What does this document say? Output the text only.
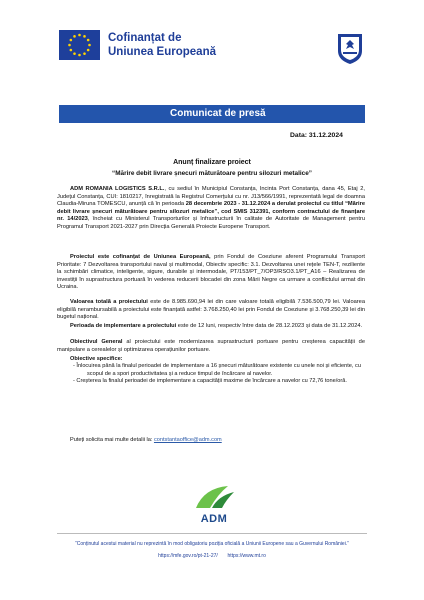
Cofinanțat de
Uniunea Europeană
Comunicat de presă
Data: 31.12.2024
Anunț finalizare proiect
“Mărire debit livrare șnecuri măturătoare pentru silozuri metalice”
ADM ROMANIA LOGISTICS S.R.L., cu sediul în Municipiul Constanța, Incinta Port Constanța, dana 45, Etaj 2, Județul Constanța, CUI: 1810217, înregistrată la Registrul Comerțului cu nr. J13/566/1991, reprezentată legal de doamna Claudia-Miruna TOMESCU, anunță că în perioada 28 decembrie 2023 - 31.12.2024 a derulat proiectul cu titlul “Mărire debit livrare șnecuri măturătoare pentru silozuri metalice”, cod SMIS 312391, conform contractului de finanțare nr. 14/2023, încheiat cu Ministerul Transporturilor și Infrastructurii în calitate de Autoritate de Management pentru Programul Transport 2021-2027 prin Direcția Generală Proiecte Europene Transport.
Proiectul este cofinanțat de Uniunea Europeană, prin Fondul de Coeziune aferent Programului Transport Prioritate: 7 Dezvoltarea transportului naval și multimodal, Obiectiv specific: 3.1. Dezvoltarea unei rețele TEN-T, reziliente la schimbări climatice, inteligente, sigure, durabile și intermodale, PT/153/PT_7/OP3/RSO3.1/PT_A16 – Realizarea de investiții în suprastructura portuară în vederea reducerii blocadei din zona Mării Negre ca urmare a conflictului armat din Ucraina.
Valoarea totală a proiectului este de 8.985.690,94 lei din care valoare totală eligibilă 7.536.500,79 lei. Valoarea eligibilă nerambursabilă a proiectului este finanțată astfel: 3.768.250,40 lei prin Fondul de Coeziune și 3.768.250,39 lei din bugetul național.
Perioada de implementare a proiectului este de 12 luni, respectiv între data de 28.12.2023 și data de 31.12.2024.
Obiectivul General al proiectului este modernizarea suprastructurii portuare pentru creșterea capacității de manipulare a cerealelor și optimizarea operațiunilor portuare.
Obiective specifice:
- Înlocuirea până la finalul perioadei de implementare a 16 șnecuri măturătoare existente cu unele noi și eficiente, cu scopul de a spori productivitatea și a reduce timpul de încărcare al navelor.
- Creșterea la finalul perioadei de implementare a capacității maxime de încărcare a navelor cu 72,76 tone/oră.
Puteți solicita mai multe detalii la: contstantaoffice@adm.com
ADM
“Conținutul acestui material nu reprezintă în mod obligatoriu poziția oficială a Uniunii Europene sau a Guvernului României.”
https://mfe.gov.ro/pt-21-27/ https://www.mt.ro
